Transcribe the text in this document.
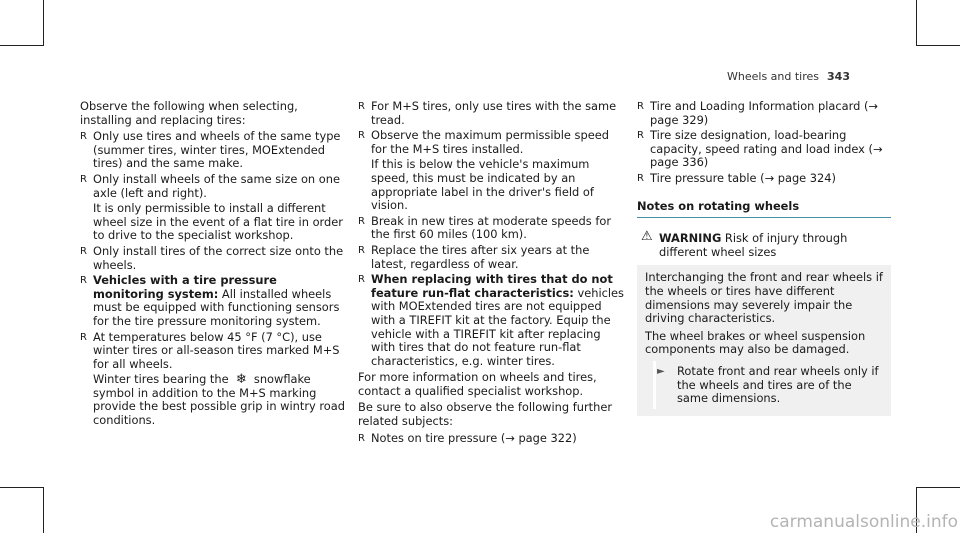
Wheels and tires 343

Observe the following when selecting, installing and replacing tires:

R Only use tires and wheels of the same type (summer tires, winter tires, MOExtended tires) and the same make.
R Only install wheels of the same size on one axle (left and right).
It is only permissible to install a different wheel size in the event of a flat tire in order to drive to the specialist workshop.
R Only install tires of the correct size onto the wheels.
R Vehicles with a tire pressure monitoring system: All installed wheels must be equipped with functioning sensors for the tire pressure monitoring system.
R At temperatures below 45 °F (7 °C), use winter tires or all-season tires marked M+S for all wheels.
Winter tires bearing the ❄ snowflake symbol in addition to the M+S marking provide the best possible grip in wintry road conditions.
R For M+S tires, only use tires with the same tread.
R Observe the maximum permissible speed for the M+S tires installed.
If this is below the vehicle's maximum speed, this must be indicated by an appropriate label in the driver's field of vision.
R Break in new tires at moderate speeds for the first 60 miles (100 km).
R Replace the tires after six years at the latest, regardless of wear.
R When replacing with tires that do not feature run-flat characteristics: vehicles with MOExtended tires are not equipped with a TIREFIT kit at the factory. Equip the vehicle with a TIREFIT kit after replacing with tires that do not feature run-flat characteristics, e.g. winter tires.

For more information on wheels and tires, contact a qualified specialist workshop.

Be sure to also observe the following further related subjects:

R Notes on tire pressure (→ page 322)
R Tire and Loading Information placard (→ page 329)
R Tire size designation, load-bearing capacity, speed rating and load index (→ page 336)
R Tire pressure table (→ page 324)
Notes on rotating wheels
⚠ WARNING Risk of injury through different wheel sizes

Interchanging the front and rear wheels if the wheels or tires have different dimensions may severely impair the driving characteristics.

The wheel brakes or wheel suspension components may also be damaged.

► Rotate front and rear wheels only if the wheels and tires are of the same dimensions.
carmanualsonline.info
